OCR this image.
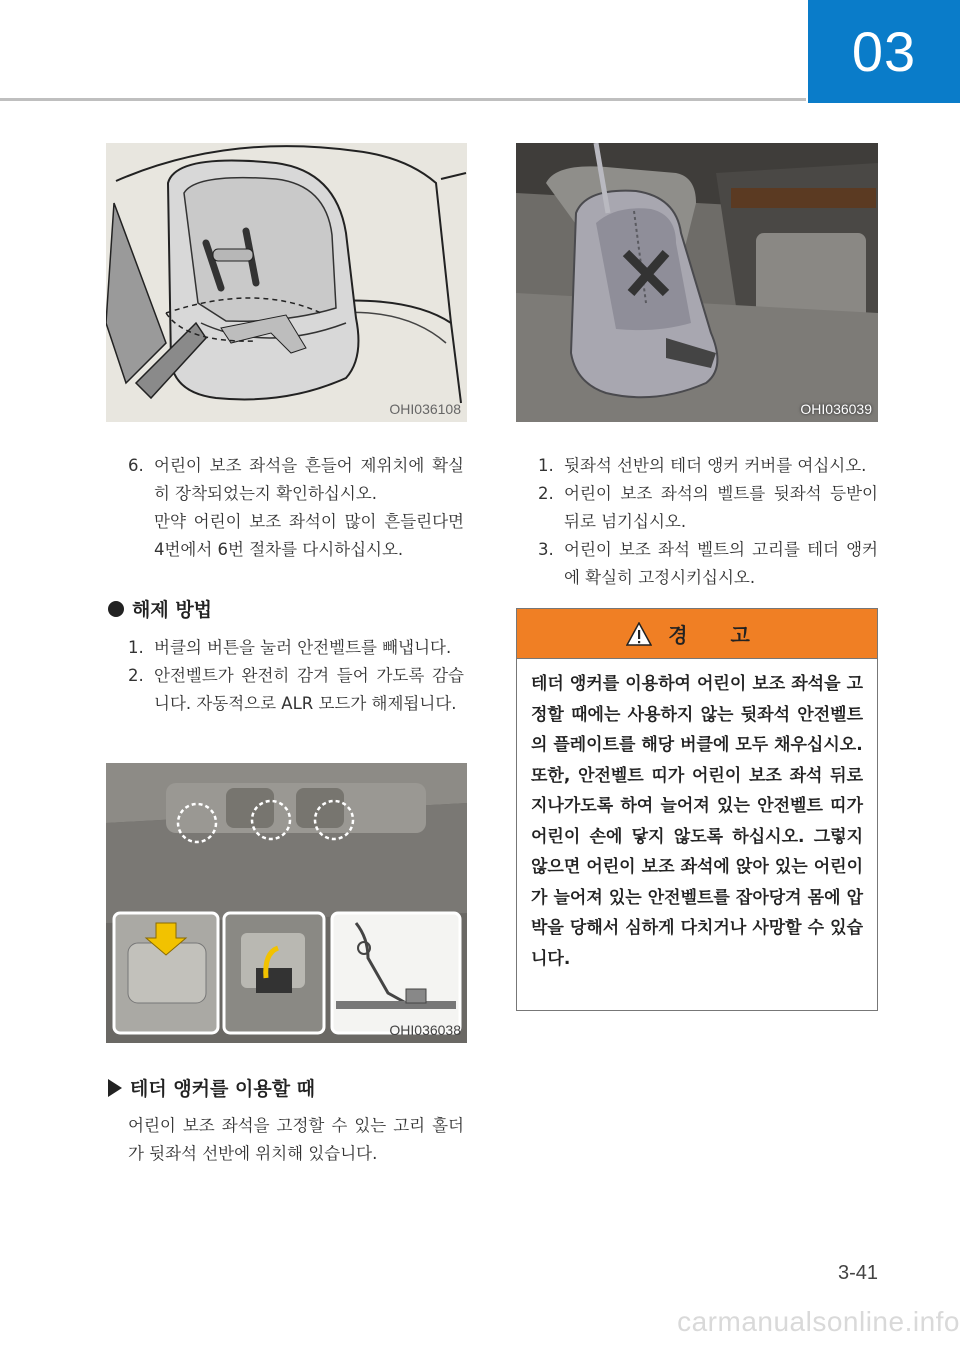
03
OHI036108	OHI036039
6. 어린이 보조 좌석을 흔들어 제위치에 확실히 장착되었는지 확인하십시오.
만약 어린이 보조 좌석이 많이 흔들린다면 4번에서 6번 절차를 다시하십시오.
해제 방법
1. 버클의 버튼을 눌러 안전벨트를 빼냅니다.
2. 안전벨트가 완전히 감겨 들어 가도록 감습니다. 자동적으로 ALR 모드가 해제됩니다.
OHI036038
테더 앵커를 이용할 때
어린이 보조 좌석을 고정할 수 있는 고리 홀더가 뒷좌석 선반에 위치해 있습니다.
1. 뒷좌석 선반의 테더 앵커 커버를 여십시오.
2. 어린이 보조 좌석의 벨트를 뒷좌석 등받이 뒤로 넘기십시오.
3. 어린이 보조 좌석 벨트의 고리를 테더 앵커에 확실히 고정시키십시오.
경 고
테더 앵커를 이용하여 어린이 보조 좌석을 고정할 때에는 사용하지 않는 뒷좌석 안전벨트의 플레이트를 해당 버클에 모두 채우십시오.
또한, 안전벨트 띠가 어린이 보조 좌석 뒤로 지나가도록 하여 늘어져 있는 안전벨트 띠가 어린이 손에 닿지 않도록 하십시오. 그렇지 않으면 어린이 보조 좌석에 앉아 있는 어린이가 늘어져 있는 안전벨트를 잡아당겨 몸에 압박을 당해서 심하게 다치거나 사망할 수 있습니다.
3-41
carmanualsonline.info
